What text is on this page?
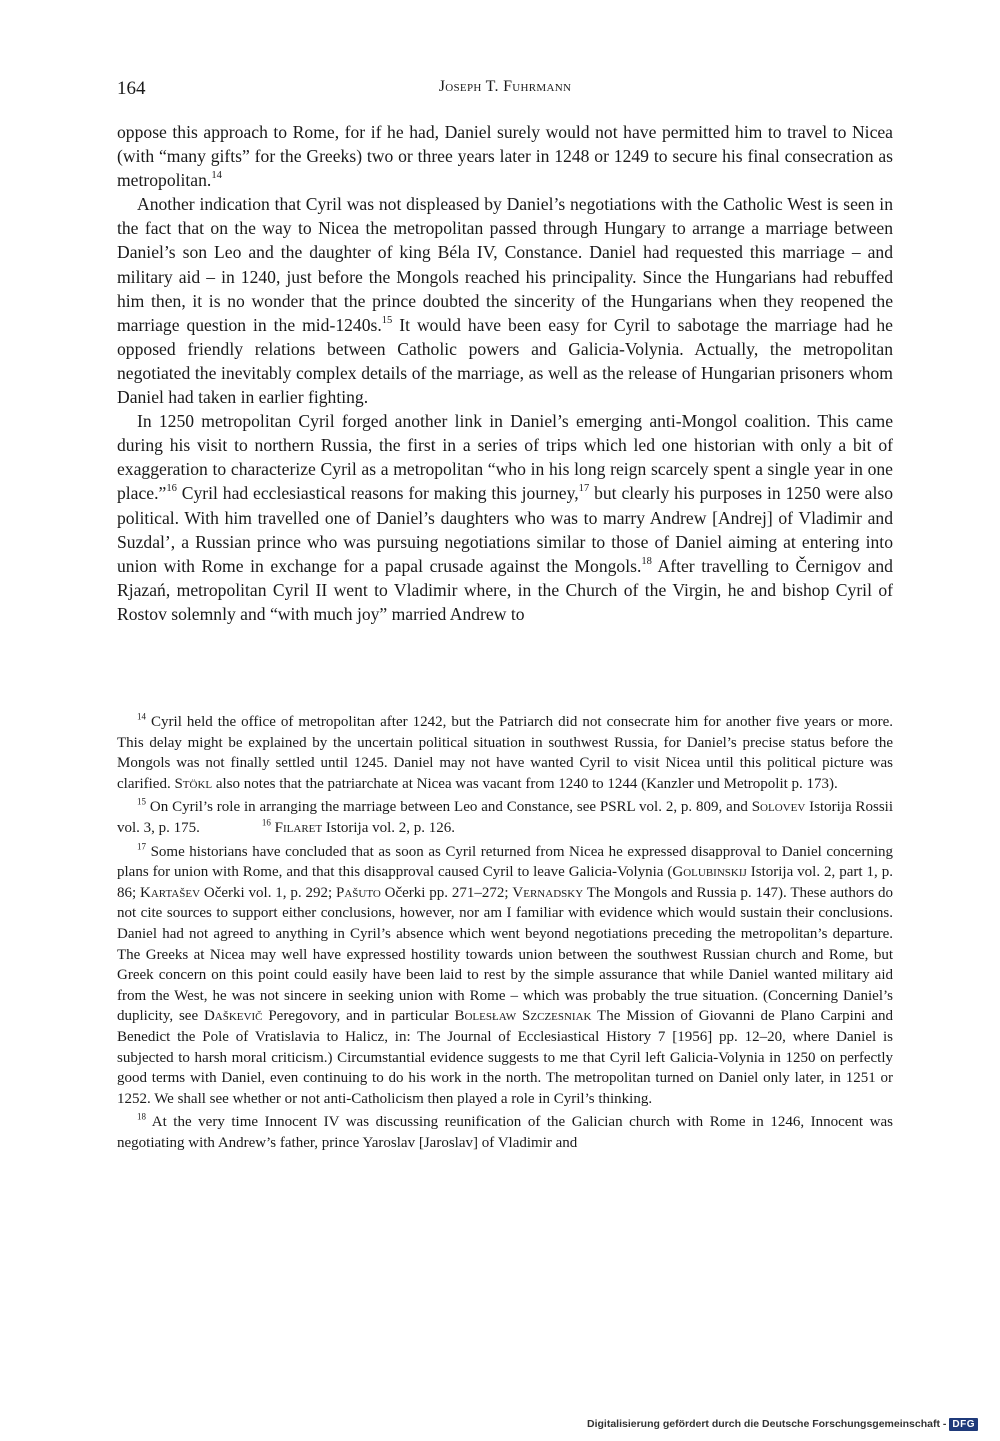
164	Joseph T. Fuhrmann

oppose this approach to Rome, for if he had, Daniel surely would not have permitted him to travel to Nicea (with “many gifts” for the Greeks) two or three years later in 1248 or 1249 to secure his final consecration as metropolitan.$^{14}$

Another indication that Cyril was not displeased by Daniel’s negotiations with the Catholic West is seen in the fact that on the way to Nicea the metropolitan passed through Hungary to arrange a marriage between Daniel’s son Leo and the daughter of king Béla IV, Constance. Daniel had requested this marriage – and military aid – in 1240, just before the Mongols reached his principality. Since the Hungarians had rebuffed him then, it is no wonder that the prince doubted the sincerity of the Hungarians when they reopened the marriage question in the mid-1240s.$^{15}$ It would have been easy for Cyril to sabotage the marriage had he opposed friendly relations between Catholic powers and Galicia-Volynia. Actually, the metropolitan negotiated the inevitably complex details of the marriage, as well as the release of Hungarian prisoners whom Daniel had taken in earlier fighting.

In 1250 metropolitan Cyril forged another link in Daniel’s emerging anti-Mongol coalition. This came during his visit to northern Russia, the first in a series of trips which led one historian with only a bit of exaggeration to characterize Cyril as a metropolitan “who in his long reign scarcely spent a single year in one place.”$^{16}$ Cyril had ecclesiastical reasons for making this journey,$^{17}$ but clearly his purposes in 1250 were also political. With him travelled one of Daniel’s daughters who was to marry Andrew [Andrej] of Vladimir and Suzdal’, a Russian prince who was pursuing negotiations similar to those of Daniel aiming at entering into union with Rome in exchange for a papal crusade against the Mongols.$^{18}$ After travelling to Černigov and Rjazań, metropolitan Cyril II went to Vladimir where, in the Church of the Virgin, he and bishop Cyril of Rostov solemnly and “with much joy” married Andrew to

$^{14}$ Cyril held the office of metropolitan after 1242, but the Patriarch did not consecrate him for another five years or more. This delay might be explained by the uncertain political situation in southwest Russia, for Daniel’s precise status before the Mongols was not finally settled until 1245. Daniel may not have wanted Cyril to visit Nicea until this political picture was clarified. Stökl also notes that the patriarchate at Nicea was vacant from 1240 to 1244 (Kanzler und Metropolit p. 173).

$^{15}$ On Cyril’s role in arranging the marriage between Leo and Constance, see PSRL vol. 2, p. 809, and Solovev Istorija Rossii vol. 3, p. 175.	$^{16}$ Filaret Istorija vol. 2, p. 126.

$^{17}$ Some historians have concluded that as soon as Cyril returned from Nicea he expressed disapproval to Daniel concerning plans for union with Rome, and that this disapproval caused Cyril to leave Galicia-Volynia (Golubinskij Istorija vol. 2, part 1, p. 86; Kartašev Očerki vol. 1, p. 292; Pašuto Očerki pp. 271–272; Vernadsky The Mongols and Russia p. 147). These authors do not cite sources to support either conclusions, however, nor am I familiar with evidence which would sustain their conclusions. Daniel had not agreed to anything in Cyril’s absence which went beyond negotiations preceding the metropolitan’s departure. The Greeks at Nicea may well have expressed hostility towards union between the southwest Russian church and Rome, but Greek concern on this point could easily have been laid to rest by the simple assurance that while Daniel wanted military aid from the West, he was not sincere in seeking union with Rome – which was probably the true situation. (Concerning Daniel’s duplicity, see Daškevič Peregovory, and in particular Bolesław Szczesniak The Mission of Giovanni de Plano Carpini and Benedict the Pole of Vratislavia to Halicz, in: The Journal of Ecclesiastical History 7 [1956] pp. 12–20, where Daniel is subjected to harsh moral criticism.) Circumstantial evidence suggests to me that Cyril left Galicia-Volynia in 1250 on perfectly good terms with Daniel, even continuing to do his work in the north. The metropolitan turned on Daniel only later, in 1251 or 1252. We shall see whether or not anti-Catholicism then played a role in Cyril’s thinking.

$^{18}$ At the very time Innocent IV was discussing reunification of the Galician church with Rome in 1246, Innocent was negotiating with Andrew’s father, prince Yaroslav [Jaroslav] of Vladimir and

Digitalisierung gefördert durch die Deutsche Forschungsgemeinschaft - DFG
